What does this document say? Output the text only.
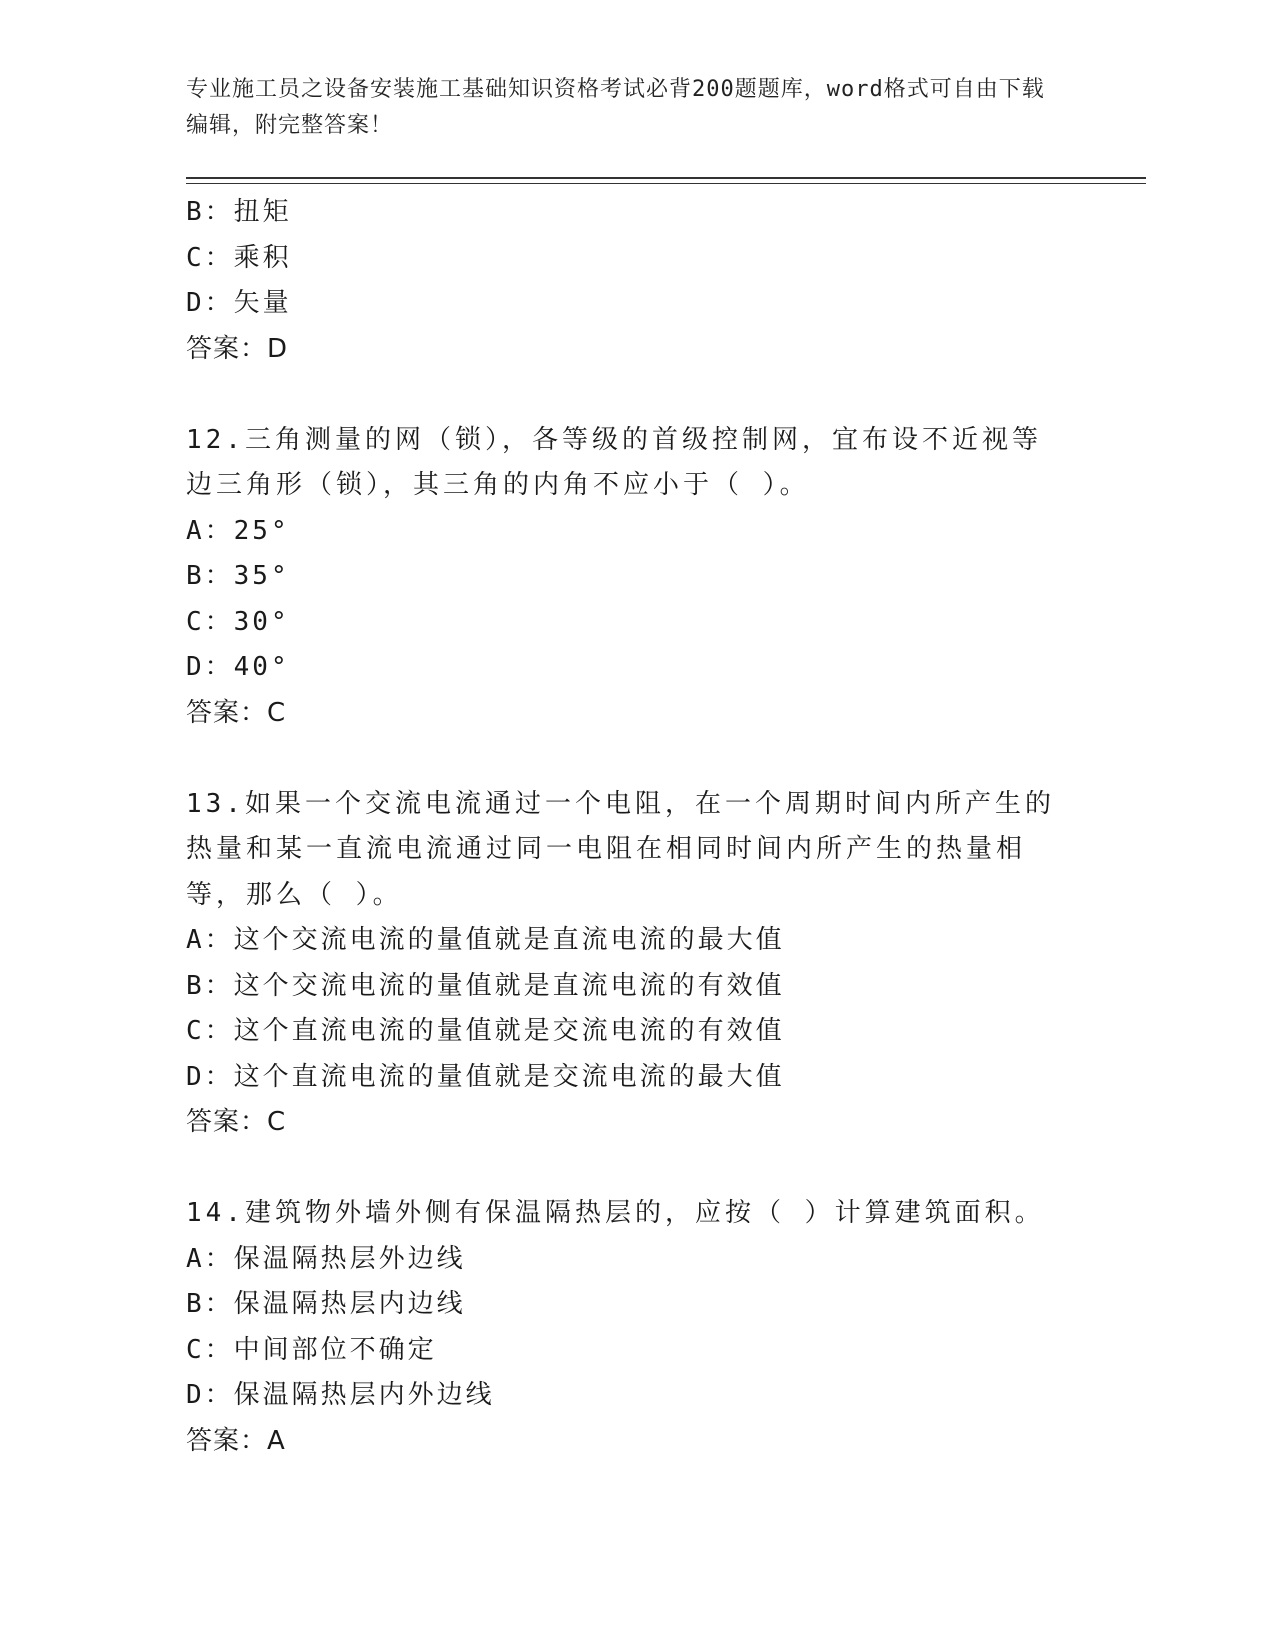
专业施工员之设备安装施工基础知识资格考试必背200题题库，word格式可自由下载编辑，附完整答案！
B：扭矩
C：乘积
D：矢量
答案：D
12.三角测量的网（锁），各等级的首级控制网，宜布设不近视等边三角形（锁），其三角的内角不应小于（ ）。
A：25°
B：35°
C：30°
D：40°
答案：C
13.如果一个交流电流通过一个电阻，在一个周期时间内所产生的热量和某一直流电流通过同一电阻在相同时间内所产生的热量相等，那么（ ）。
A：这个交流电流的量值就是直流电流的最大值
B：这个交流电流的量值就是直流电流的有效值
C：这个直流电流的量值就是交流电流的有效值
D：这个直流电流的量值就是交流电流的最大值
答案：C
14.建筑物外墙外侧有保温隔热层的，应按（ ）计算建筑面积。
A：保温隔热层外边线
B：保温隔热层内边线
C：中间部位不确定
D：保温隔热层内外边线
答案：A
